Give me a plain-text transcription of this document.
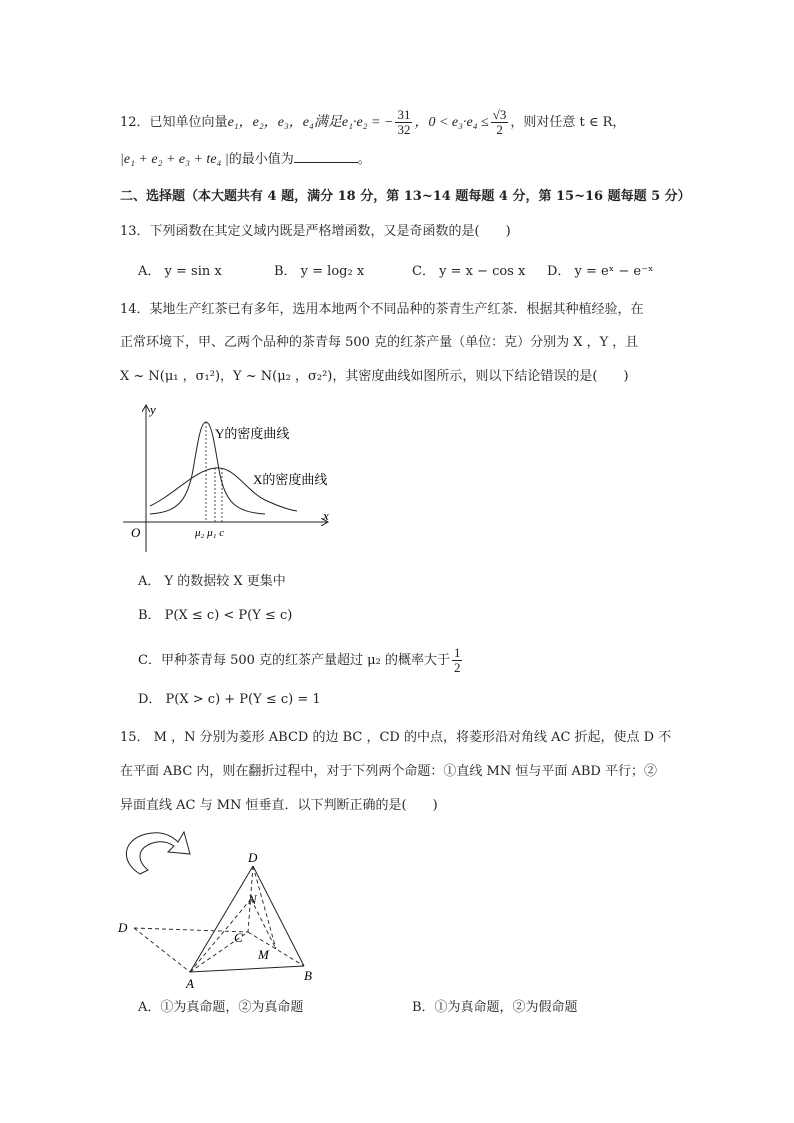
12．已知单位向量e₁，e₂，e₃，e₄满足e₁·e₂ = − $\frac{31}{32}$ ，$0 < e_3\cdot e_4 \le \frac{√3}{2}$ ，则对任意 t ∈ R，
|e₁ + e₂ + e₃ + te₄ |的最小值为	。
二、选择题（本大题共有 4 题，满分 18 分，第 13~14 题每题 4 分，第 15~16 题每题 5 分）
13．下列函数在其定义域内既是严格增函数，又是奇函数的是(　　)
A． y = sin x	B． y = log₂ x	C． y = x − cos x D． y = eˣ − e⁻ˣ
14．某地生产红茶已有多年，选用本地两个不同品种的茶青生产红茶．根据其种植经验，在
正常环境下，甲、乙两个品种的茶青每 500 克的红茶产量（单位：克）分别为 X ，Y ，且
X ~ N(μ₁ ，σ₁²)，Y ~ N(μ₂ ，σ₂²)，其密度曲线如图所示，则以下结论错误的是(　　)
y
x
O	μ₂ μ₁ c
Y的密度曲线
X的密度曲线
A． Y 的数据较 X 更集中
B． P(X ≤ c) < P(Y ≤ c)
C．甲种茶青每 500 克的红茶产量超过 μ₂ 的概率大于 $\frac{1}{2}$
D． P(X > c) + P(Y ≤ c) = 1
15． M ，N 分别为菱形 ABCD 的边 BC ，CD 的中点，将菱形沿对角线 AC 折起，使点 D 不
在平面 ABC 内，则在翻折过程中，对于下列两个命题：①直线 MN 恒与平面 ABD 平行；②
异面直线 AC 与 MN 恒垂直．以下判断正确的是(　　)
D
D
N
C
M
A
B
A．①为真命题，②为真命题	B．①为真命题，②为假命题
